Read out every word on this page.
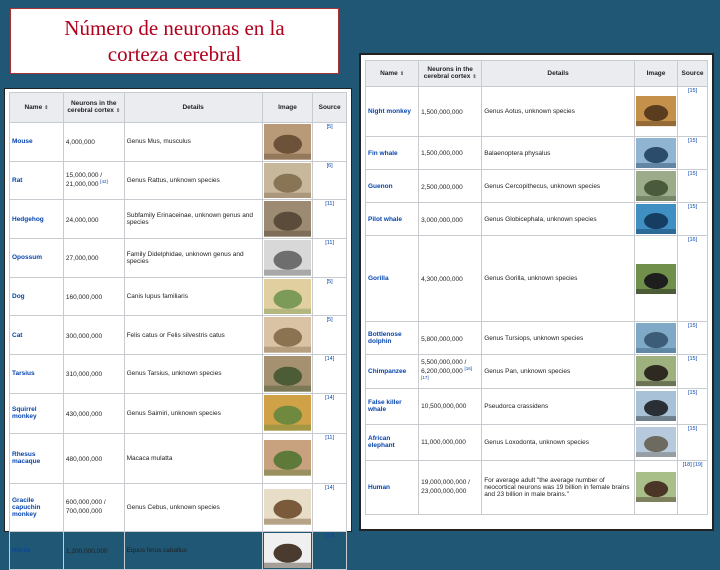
Número de neuronas en la
corteza cerebral
Name ⇕	Neurons in the cerebral cortex ⇕	Details	Image	Source
Mouse	4,000,000	Genus Mus, musculus		[5]
Rat	15,000,000 / 21,000,000 [42]	Genus Rattus, unknown species		[6]
Hedgehog	24,000,000	Subfamily Erinaceinae, unknown genus and species		[11]
Opossum	27,000,000	Family Didelphidae, unknown genus and species		[11]
Dog	160,000,000	Canis lupus familiaris		[5]
Cat	300,000,000	Felis catus or Felis silvestris catus		[5]
Tarsius	310,000,000	Genus Tarsius, unknown species		[14]
Squirrel monkey	430,000,000	Genus Saimiri, unknown species		[14]
Rhesus macaque	480,000,000	Macaca mulatta		[11]
Gracile capuchin monkey	600,000,000 / 700,000,000	Genus Cebus, unknown species		[14]
Horse	1,200,000,000	Equus ferus caballus		[13]
Name ⇕	Neurons in the cerebral cortex ⇕	Details	Image	Source
Night monkey	1,500,000,000	Genus Aotus, unknown species		[15]
Fin whale	1,500,000,000	Balaenoptera physalus		[15]
Guenon	2,500,000,000	Genus Cercopithecus, unknown species		[15]
Pilot whale	3,000,000,000	Genus Globicephala, unknown species		[15]
Gorilla	4,300,000,000	Genus Gorilla, unknown species		[16]
Bottlenose dolphin	5,800,000,000	Genus Tursiops, unknown species		[15]
Chimpanzee	5,500,000,000 / 6,200,000,000 [16] [17]	Genus Pan, unknown species		[15]
False killer whale	10,500,000,000	Pseudorca crassidens		[15]
African elephant	11,000,000,000	Genus Loxodonta, unknown species		[15]
Human	19,000,000,000 / 23,000,000,000	For average adult "the average number of neocortical neurons was 19 billion in female brains and 23 billion in male brains."		[18] [19]
